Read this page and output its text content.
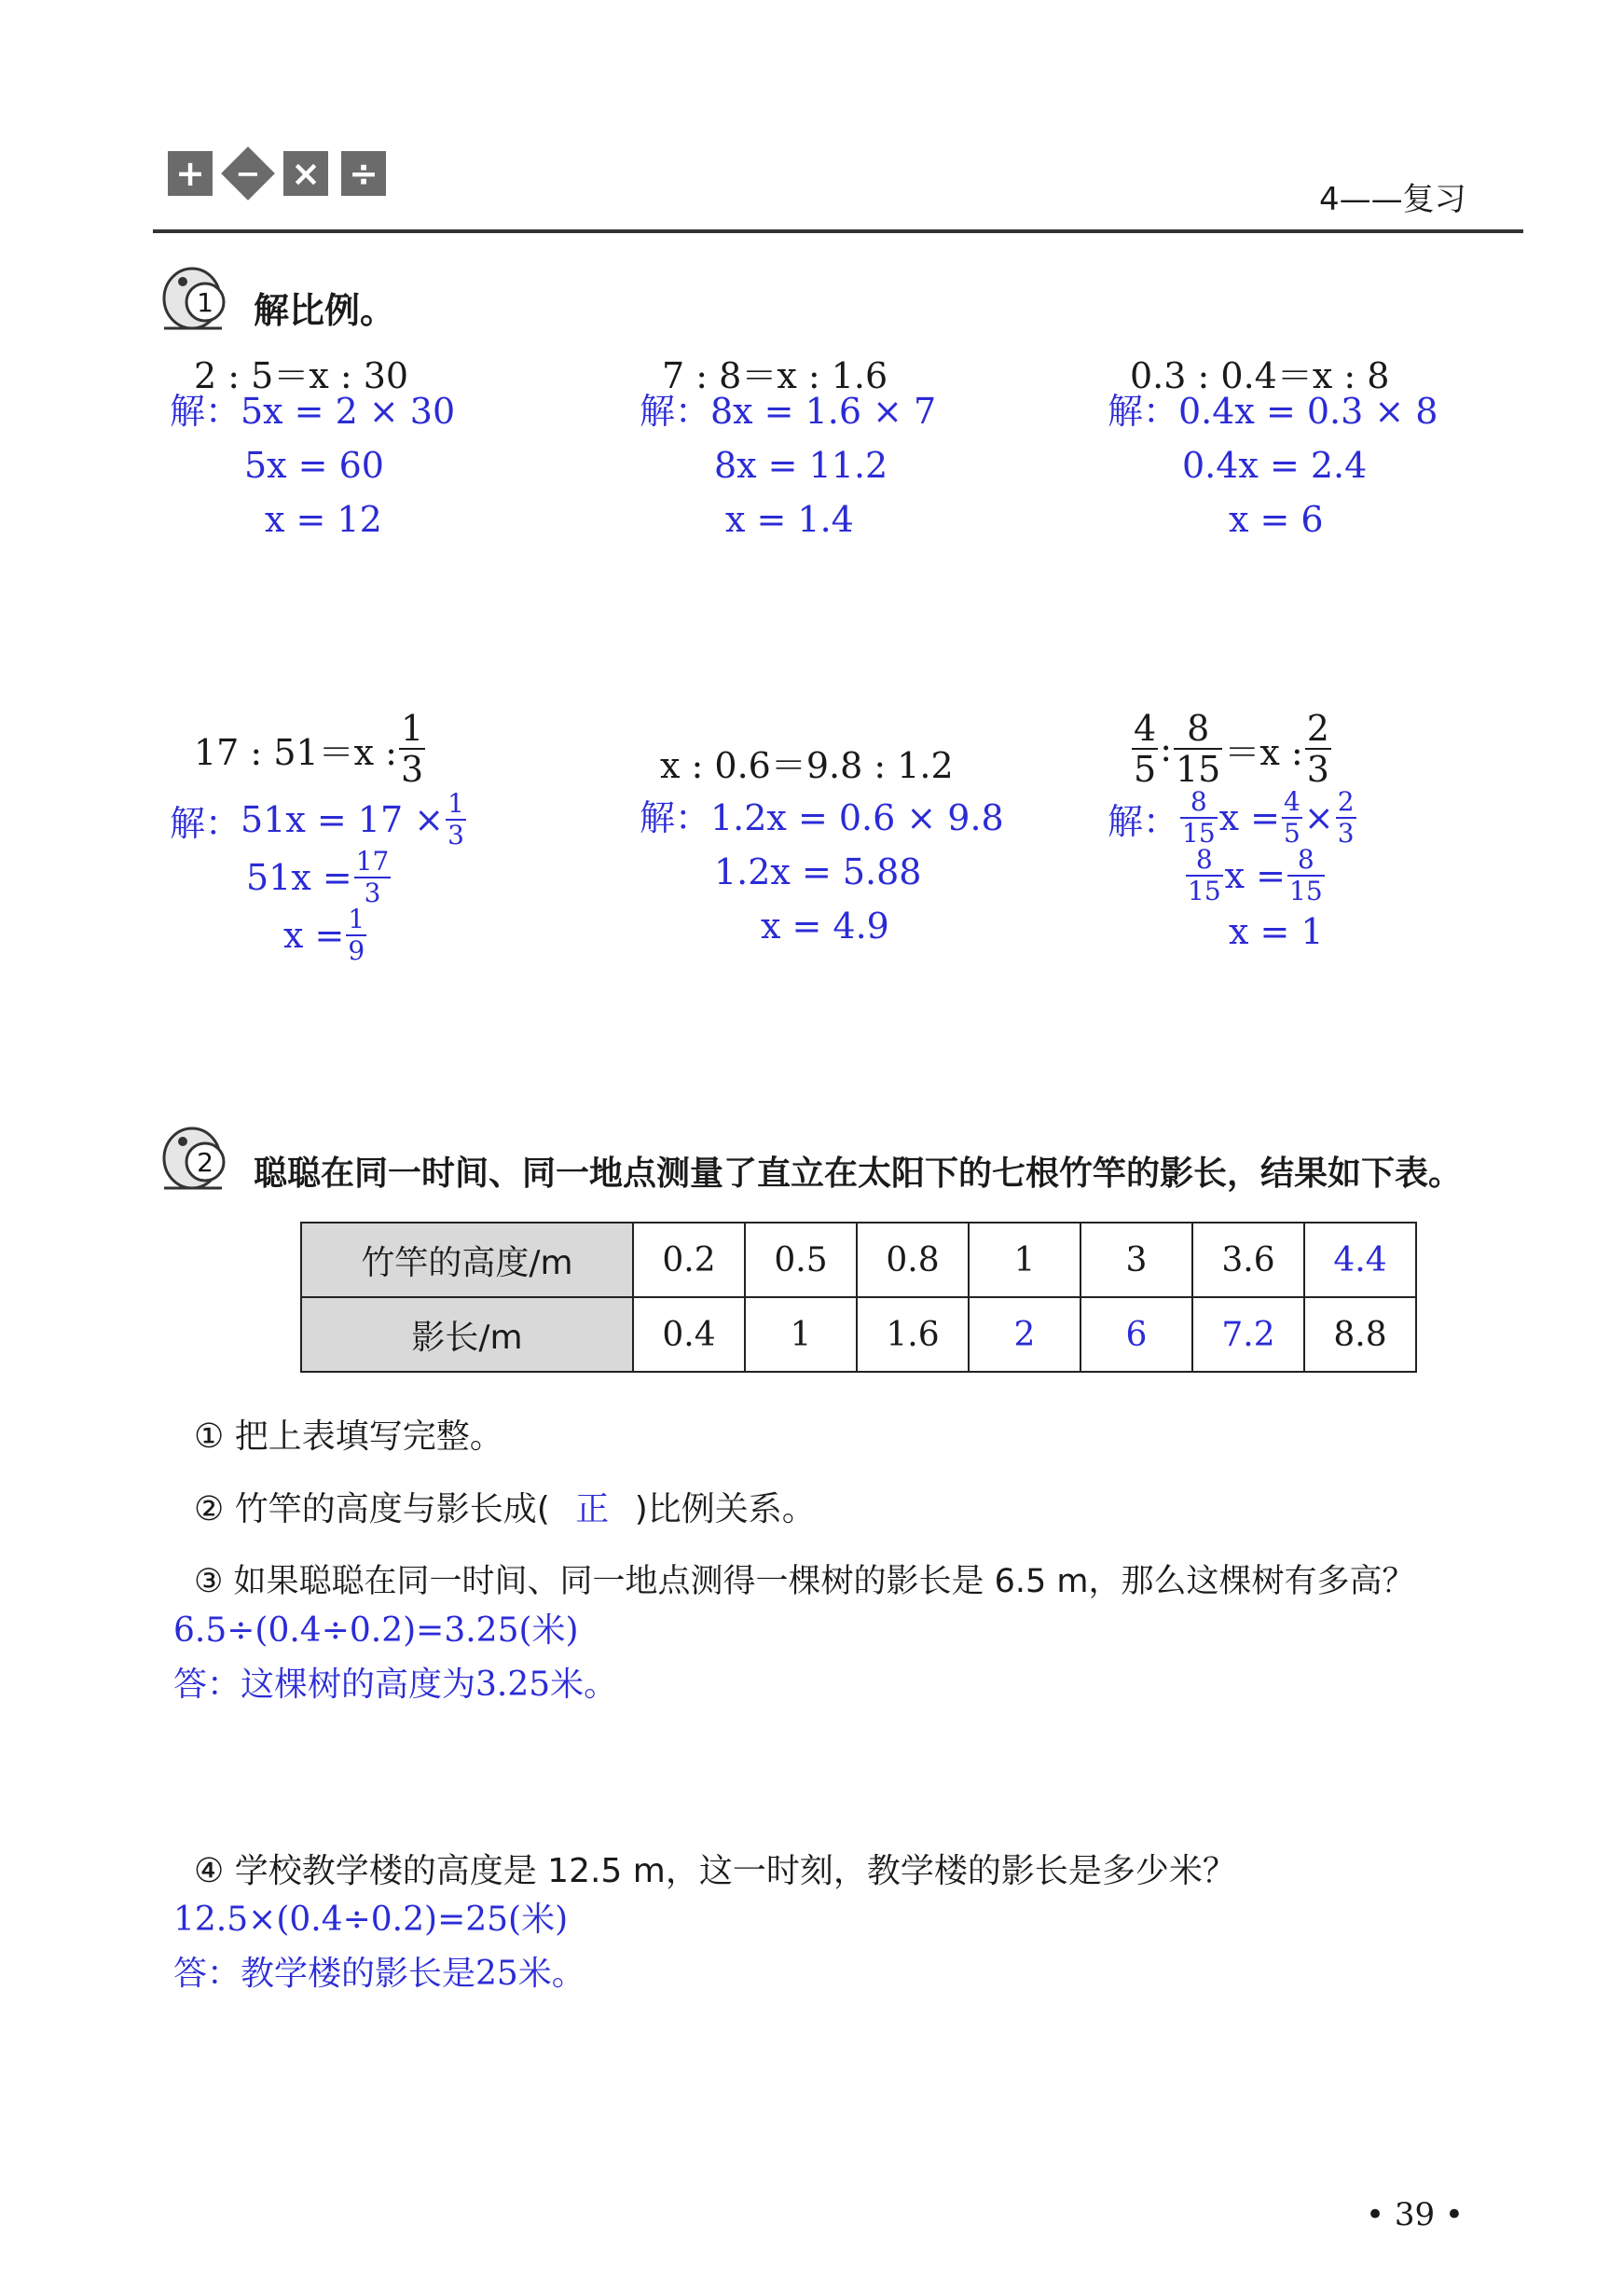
+ − × ÷
4——复习
1 解比例。
2 : 5＝x : 30
解：5x = 2 × 30
5x = 60
x = 12
7 : 8＝x : 1.6
解：8x = 1.6 × 7
8x = 11.2
x = 1.4
0.3 : 0.4＝x : 8
解：0.4x = 0.3 × 8
0.4x = 2.4
x = 6
17 : 51＝x : $\frac{1}{3}$
解： $51x = 17 \times \frac{1}{3}$
$51x = \frac{17}{3}$
$x = \frac{1}{9}$
x : 0.6＝9.8 : 1.2
解：1.2x = 0.6 × 9.8
1.2x = 5.88
x = 4.9
$\frac{4}{5}$ : $\frac{8}{15} =x$ : $\frac{2}{3}$
解： $\frac{8}{15}$ $x = \frac{4}{5} \times \frac{2}{3}$
$\frac{8}{15}$ $x = \frac{8}{15}$
x = 1
2 聪聪在同一时间、同一地点测量了直立在太阳下的七根竹竿的影长，结果如下表。
竹竿的高度/m	0.2	0.5	0.8	1	3	3.6	4.4
影长/m	0.4	1	1.6	2	6	7.2	8.8
① 把上表填写完整。
② 竹竿的高度与影长成( 正 )比例关系。
③ 如果聪聪在同一时间、同一地点测得一棵树的影长是 6.5 m，那么这棵树有多高？
6.5÷(0.4÷0.2)=3.25(米)
答：这棵树的高度为3.25米。
④ 学校教学楼的高度是 12.5 m，这一时刻，教学楼的影长是多少米？
12.5×(0.4÷0.2)=25(米)
答：教学楼的影长是25米。
• 39 •
